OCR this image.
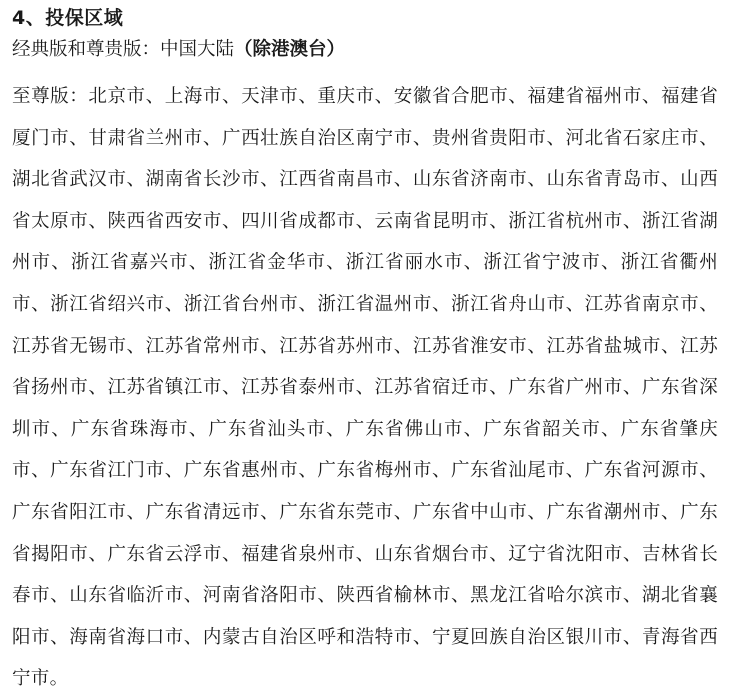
4、投保区域
经典版和尊贵版：中国大陆（除港澳台）
至尊版：北京市、上海市、天津市、重庆市、安徽省合肥市、福建省福州市、福建省厦门市、甘肃省兰州市、广西壮族自治区南宁市、贵州省贵阳市、河北省石家庄市、湖北省武汉市、湖南省长沙市、江西省南昌市、山东省济南市、山东省青岛市、山西省太原市、陕西省西安市、四川省成都市、云南省昆明市、浙江省杭州市、浙江省湖州市、浙江省嘉兴市、浙江省金华市、浙江省丽水市、浙江省宁波市、浙江省衢州市、浙江省绍兴市、浙江省台州市、浙江省温州市、浙江省舟山市、江苏省南京市、江苏省无锡市、江苏省常州市、江苏省苏州市、江苏省淮安市、江苏省盐城市、江苏省扬州市、江苏省镇江市、江苏省泰州市、江苏省宿迁市、广东省广州市、广东省深圳市、广东省珠海市、广东省汕头市、广东省佛山市、广东省韶关市、广东省肇庆市、广东省江门市、广东省惠州市、广东省梅州市、广东省汕尾市、广东省河源市、广东省阳江市、广东省清远市、广东省东莞市、广东省中山市、广东省潮州市、广东省揭阳市、广东省云浮市、福建省泉州市、山东省烟台市、辽宁省沈阳市、吉林省长春市、山东省临沂市、河南省洛阳市、陕西省榆林市、黑龙江省哈尔滨市、湖北省襄阳市、海南省海口市、内蒙古自治区呼和浩特市、宁夏回族自治区银川市、青海省西宁市。
